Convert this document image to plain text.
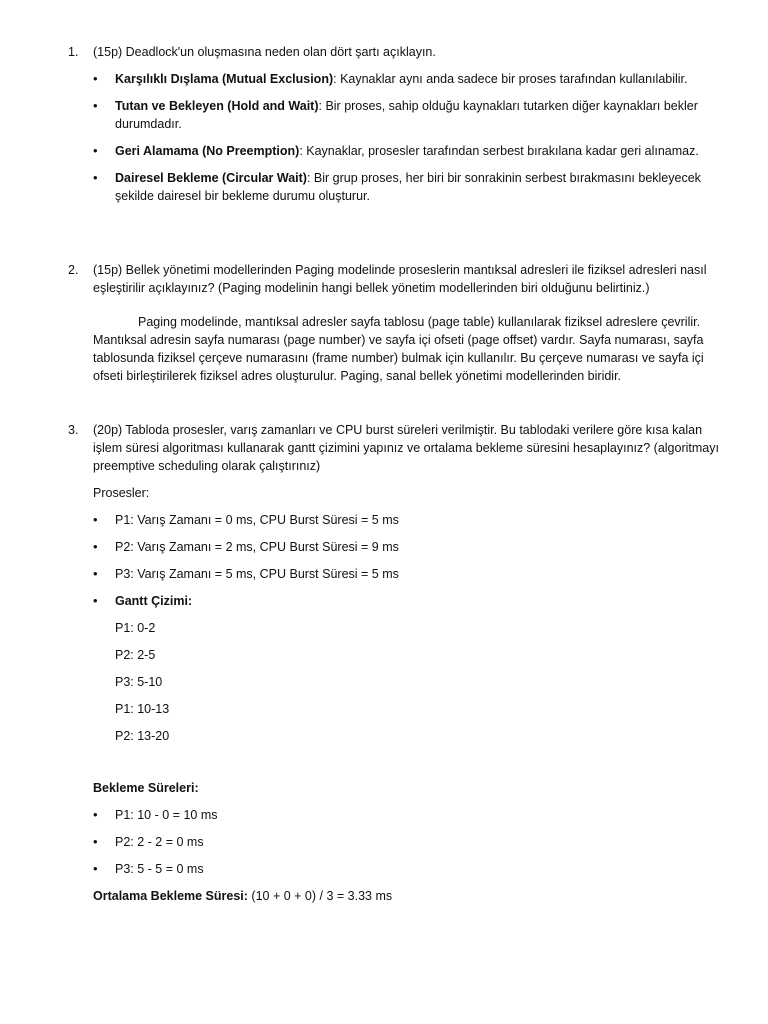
1.	(15p) Deadlock'un oluşmasına neden olan dört şartı açıklayın.
• Karşılıklı Dışlama (Mutual Exclusion): Kaynaklar aynı anda sadece bir proses tarafından kullanılabilir.
• Tutan ve Bekleyen (Hold and Wait): Bir proses, sahip olduğu kaynakları tutarken diğer kaynakları bekler durumdadır.
• Geri Alamama (No Preemption): Kaynaklar, prosesler tarafından serbest bırakılana kadar geri alınamaz.
• Dairesel Bekleme (Circular Wait): Bir grup proses, her biri bir sonrakinin serbest bırakmasını bekleyecek şekilde dairesel bir bekleme durumu oluşturur.
2.	(15p) Bellek yönetimi modellerinden Paging modelinde proseslerin mantıksal adresleri ile fiziksel adresleri nasıl eşleştirilir açıklayınız? (Paging modelinin hangi bellek yönetim modellerinden biri olduğunu belirtiniz.)
Paging modelinde, mantıksal adresler sayfa tablosu (page table) kullanılarak fiziksel adreslere çevrilir. Mantıksal adresin sayfa numarası (page number) ve sayfa içi ofseti (page offset) vardır. Sayfa numarası, sayfa tablosunda fiziksel çerçeve numarasını (frame number) bulmak için kullanılır. Bu çerçeve numarası ve sayfa içi ofseti birleştirilerek fiziksel adres oluşturulur. Paging, sanal bellek yönetimi modellerinden biridir.
3.	(20p) Tabloda prosesler, varış zamanları ve CPU burst süreleri verilmiştir. Bu tablodaki verilere göre kısa kalan işlem süresi algoritması kullanarak gantt çizimini yapınız ve ortalama bekleme süresini hesaplayınız? (algoritmayı preemptive scheduling olarak çalıştırınız)
Prosesler:
• P1: Varış Zamanı = 0 ms, CPU Burst Süresi = 5 ms
• P2: Varış Zamanı = 2 ms, CPU Burst Süresi = 9 ms
• P3: Varış Zamanı = 5 ms, CPU Burst Süresi = 5 ms
• Gantt Çizimi:
P1: 0-2
P2: 2-5
P3: 5-10
P1: 10-13
P2: 13-20
Bekleme Süreleri:
• P1: 10 - 0 = 10 ms
• P2: 2 - 2 = 0 ms
• P3: 5 - 5 = 0 ms
Ortalama Bekleme Süresi: (10 + 0 + 0) / 3 = 3.33 ms
